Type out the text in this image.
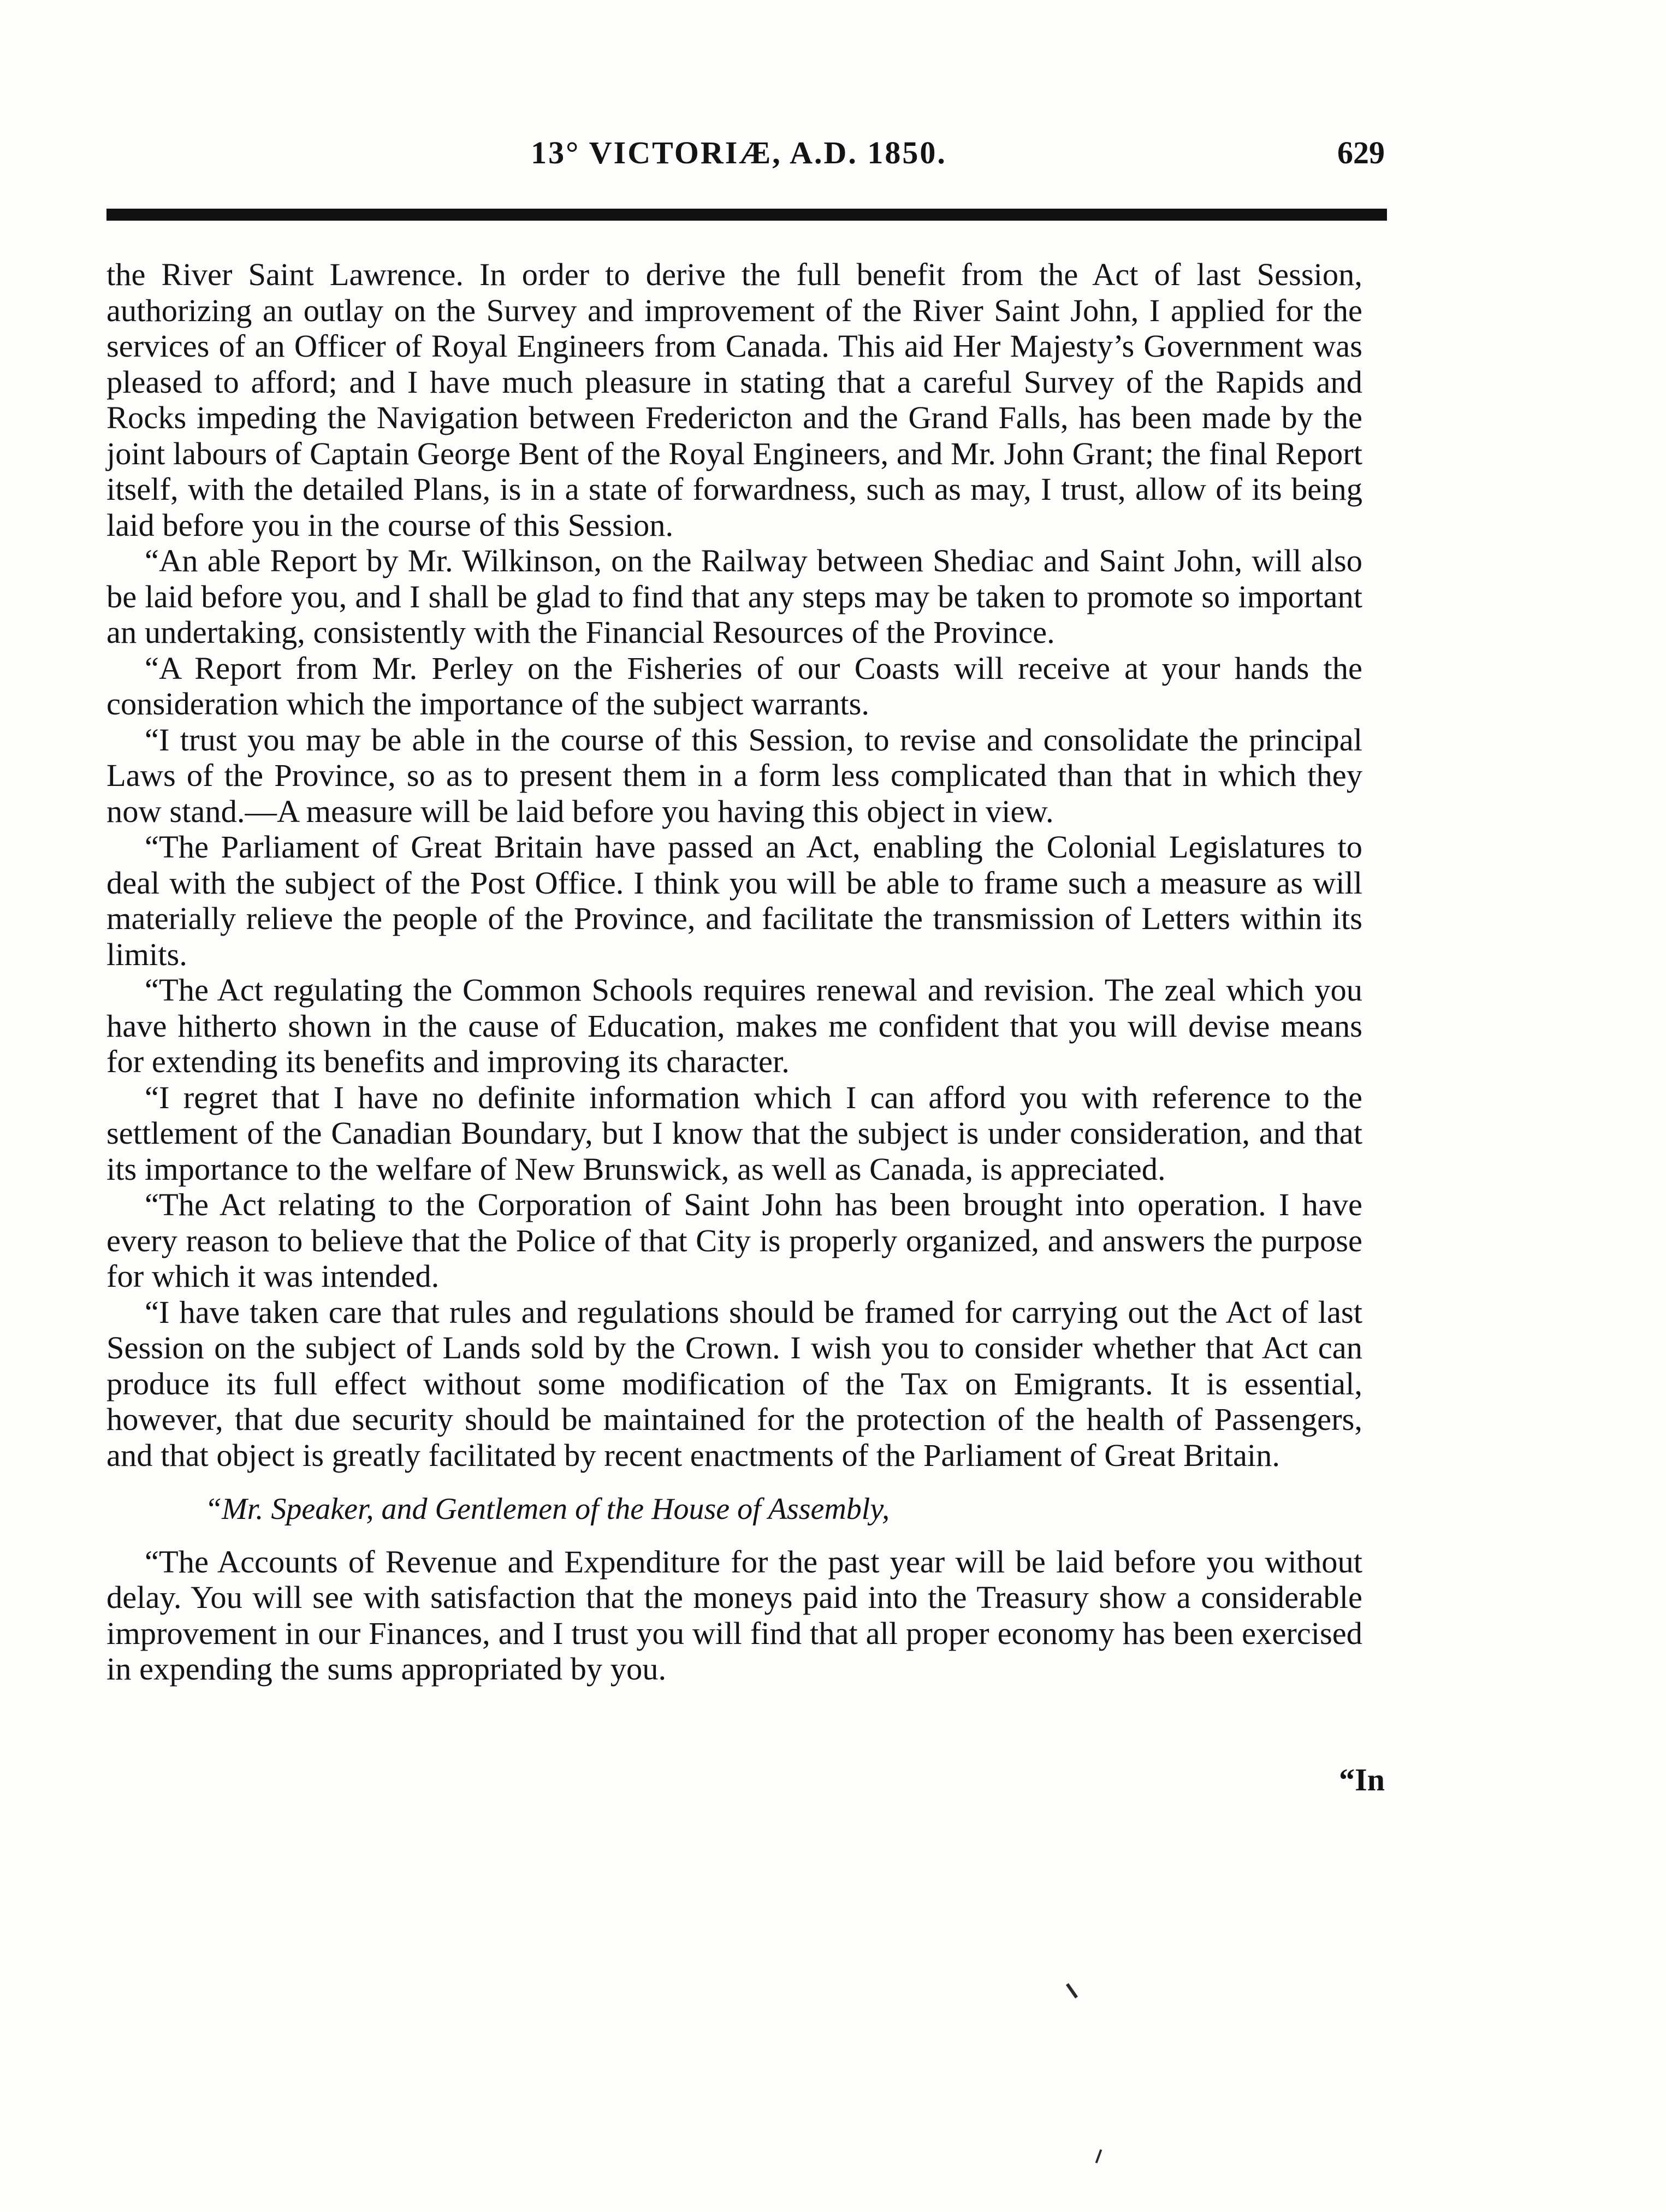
13° VICTORIÆ, A.D. 1850.	629

the River Saint Lawrence. In order to derive the full benefit from the Act of last Session, authorizing an outlay on the Survey and improvement of the River Saint John, I applied for the services of an Officer of Royal Engineers from Canada. This aid Her Majesty’s Government was pleased to afford; and I have much pleasure in stating that a careful Survey of the Rapids and Rocks impeding the Navigation between Fredericton and the Grand Falls, has been made by the joint labours of Captain George Bent of the Royal Engineers, and Mr. John Grant; the final Report itself, with the detailed Plans, is in a state of forwardness, such as may, I trust, allow of its being laid before you in the course of this Session.

“An able Report by Mr. Wilkinson, on the Railway between Shediac and Saint John, will also be laid before you, and I shall be glad to find that any steps may be taken to promote so important an undertaking, consistently with the Financial Resources of the Province.

“A Report from Mr. Perley on the Fisheries of our Coasts will receive at your hands the consideration which the importance of the subject warrants.

“I trust you may be able in the course of this Session, to revise and consolidate the principal Laws of the Province, so as to present them in a form less complicated than that in which they now stand.—A measure will be laid before you having this object in view.

“The Parliament of Great Britain have passed an Act, enabling the Colonial Legislatures to deal with the subject of the Post Office. I think you will be able to frame such a measure as will materially relieve the people of the Province, and facilitate the transmission of Letters within its limits.

“The Act regulating the Common Schools requires renewal and revision. The zeal which you have hitherto shown in the cause of Education, makes me confident that you will devise means for extending its benefits and improving its character.

“I regret that I have no definite information which I can afford you with reference to the settlement of the Canadian Boundary, but I know that the subject is under consideration, and that its importance to the welfare of New Brunswick, as well as Canada, is appreciated.

“The Act relating to the Corporation of Saint John has been brought into operation. I have every reason to believe that the Police of that City is properly organized, and answers the purpose for which it was intended.

“I have taken care that rules and regulations should be framed for carrying out the Act of last Session on the subject of Lands sold by the Crown. I wish you to consider whether that Act can produce its full effect without some modification of the Tax on Emigrants. It is essential, however, that due security should be maintained for the protection of the health of Passengers, and that object is greatly facilitated by recent enactments of the Parliament of Great Britain.

“Mr. Speaker, and Gentlemen of the House of Assembly,

“The Accounts of Revenue and Expenditure for the past year will be laid before you without delay. You will see with satisfaction that the moneys paid into the Treasury show a considerable improvement in our Finances, and I trust you will find that all proper economy has been exercised in expending the sums appropriated by you.

“In
